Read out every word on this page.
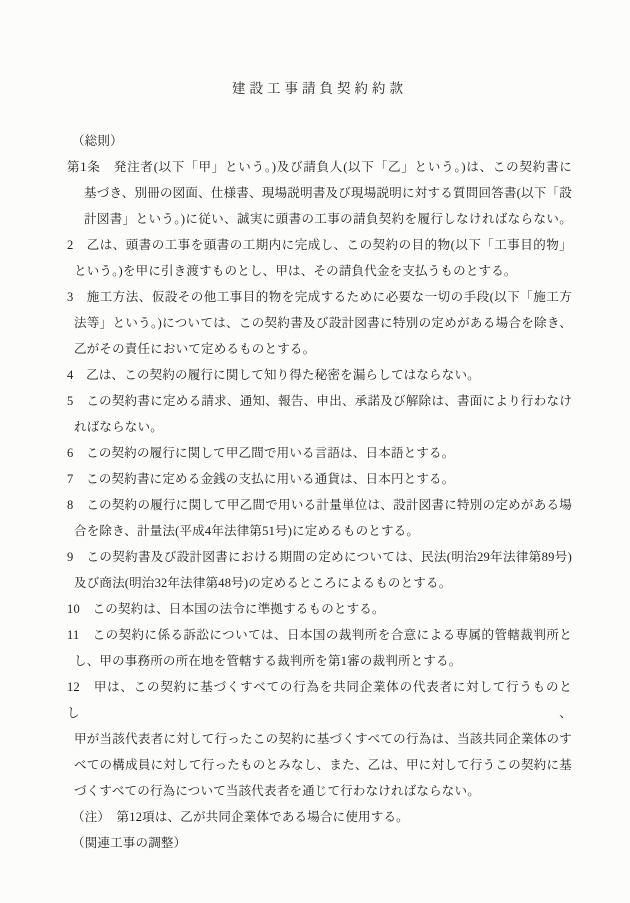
建設工事請負契約約款
（総則）
第1条　発注者(以下「甲」という。)及び請負人(以下「乙」という。)は、この契約書に
基づき、別冊の図面、仕様書、現場説明書及び現場説明に対する質問回答書(以下「設
計図書」という。)に従い、誠実に頭書の工事の請負契約を履行しなければならない。
2　乙は、頭書の工事を頭書の工期内に完成し、この契約の目的物(以下「工事目的物」
という。)を甲に引き渡すものとし、甲は、その請負代金を支払うものとする。
3　施工方法、仮設その他工事目的物を完成するために必要な一切の手段(以下「施工方
法等」という。)については、この契約書及び設計図書に特別の定めがある場合を除き、
乙がその責任において定めるものとする。
4　乙は、この契約の履行に関して知り得た秘密を漏らしてはならない。
5　この契約書に定める請求、通知、報告、申出、承諾及び解除は、書面により行わなけ
ればならない。
6　この契約の履行に関して甲乙間で用いる言語は、日本語とする。
7　この契約書に定める金銭の支払に用いる通貨は、日本円とする。
8　この契約の履行に関して甲乙間で用いる計量単位は、設計図書に特別の定めがある場
合を除き、計量法(平成4年法律第51号)に定めるものとする。
9　この契約書及び設計図書における期間の定めについては、民法(明治29年法律第89号)
及び商法(明治32年法律第48号)の定めるところによるものとする。
10　この契約は、日本国の法令に準拠するものとする。
11　この契約に係る訴訟については、日本国の裁判所を合意による専属的管轄裁判所と
し、甲の事務所の所在地を管轄する裁判所を第1審の裁判所とする。
12　甲は、この契約に基づくすべての行為を共同企業体の代表者に対して行うものとし、
甲が当該代表者に対して行ったこの契約に基づくすべての行為は、当該共同企業体のす
べての構成員に対して行ったものとみなし、また、乙は、甲に対して行うこの契約に基
づくすべての行為について当該代表者を通じて行わなければならない。
（注）　第12項は、乙が共同企業体である場合に使用する。
（関連工事の調整）
